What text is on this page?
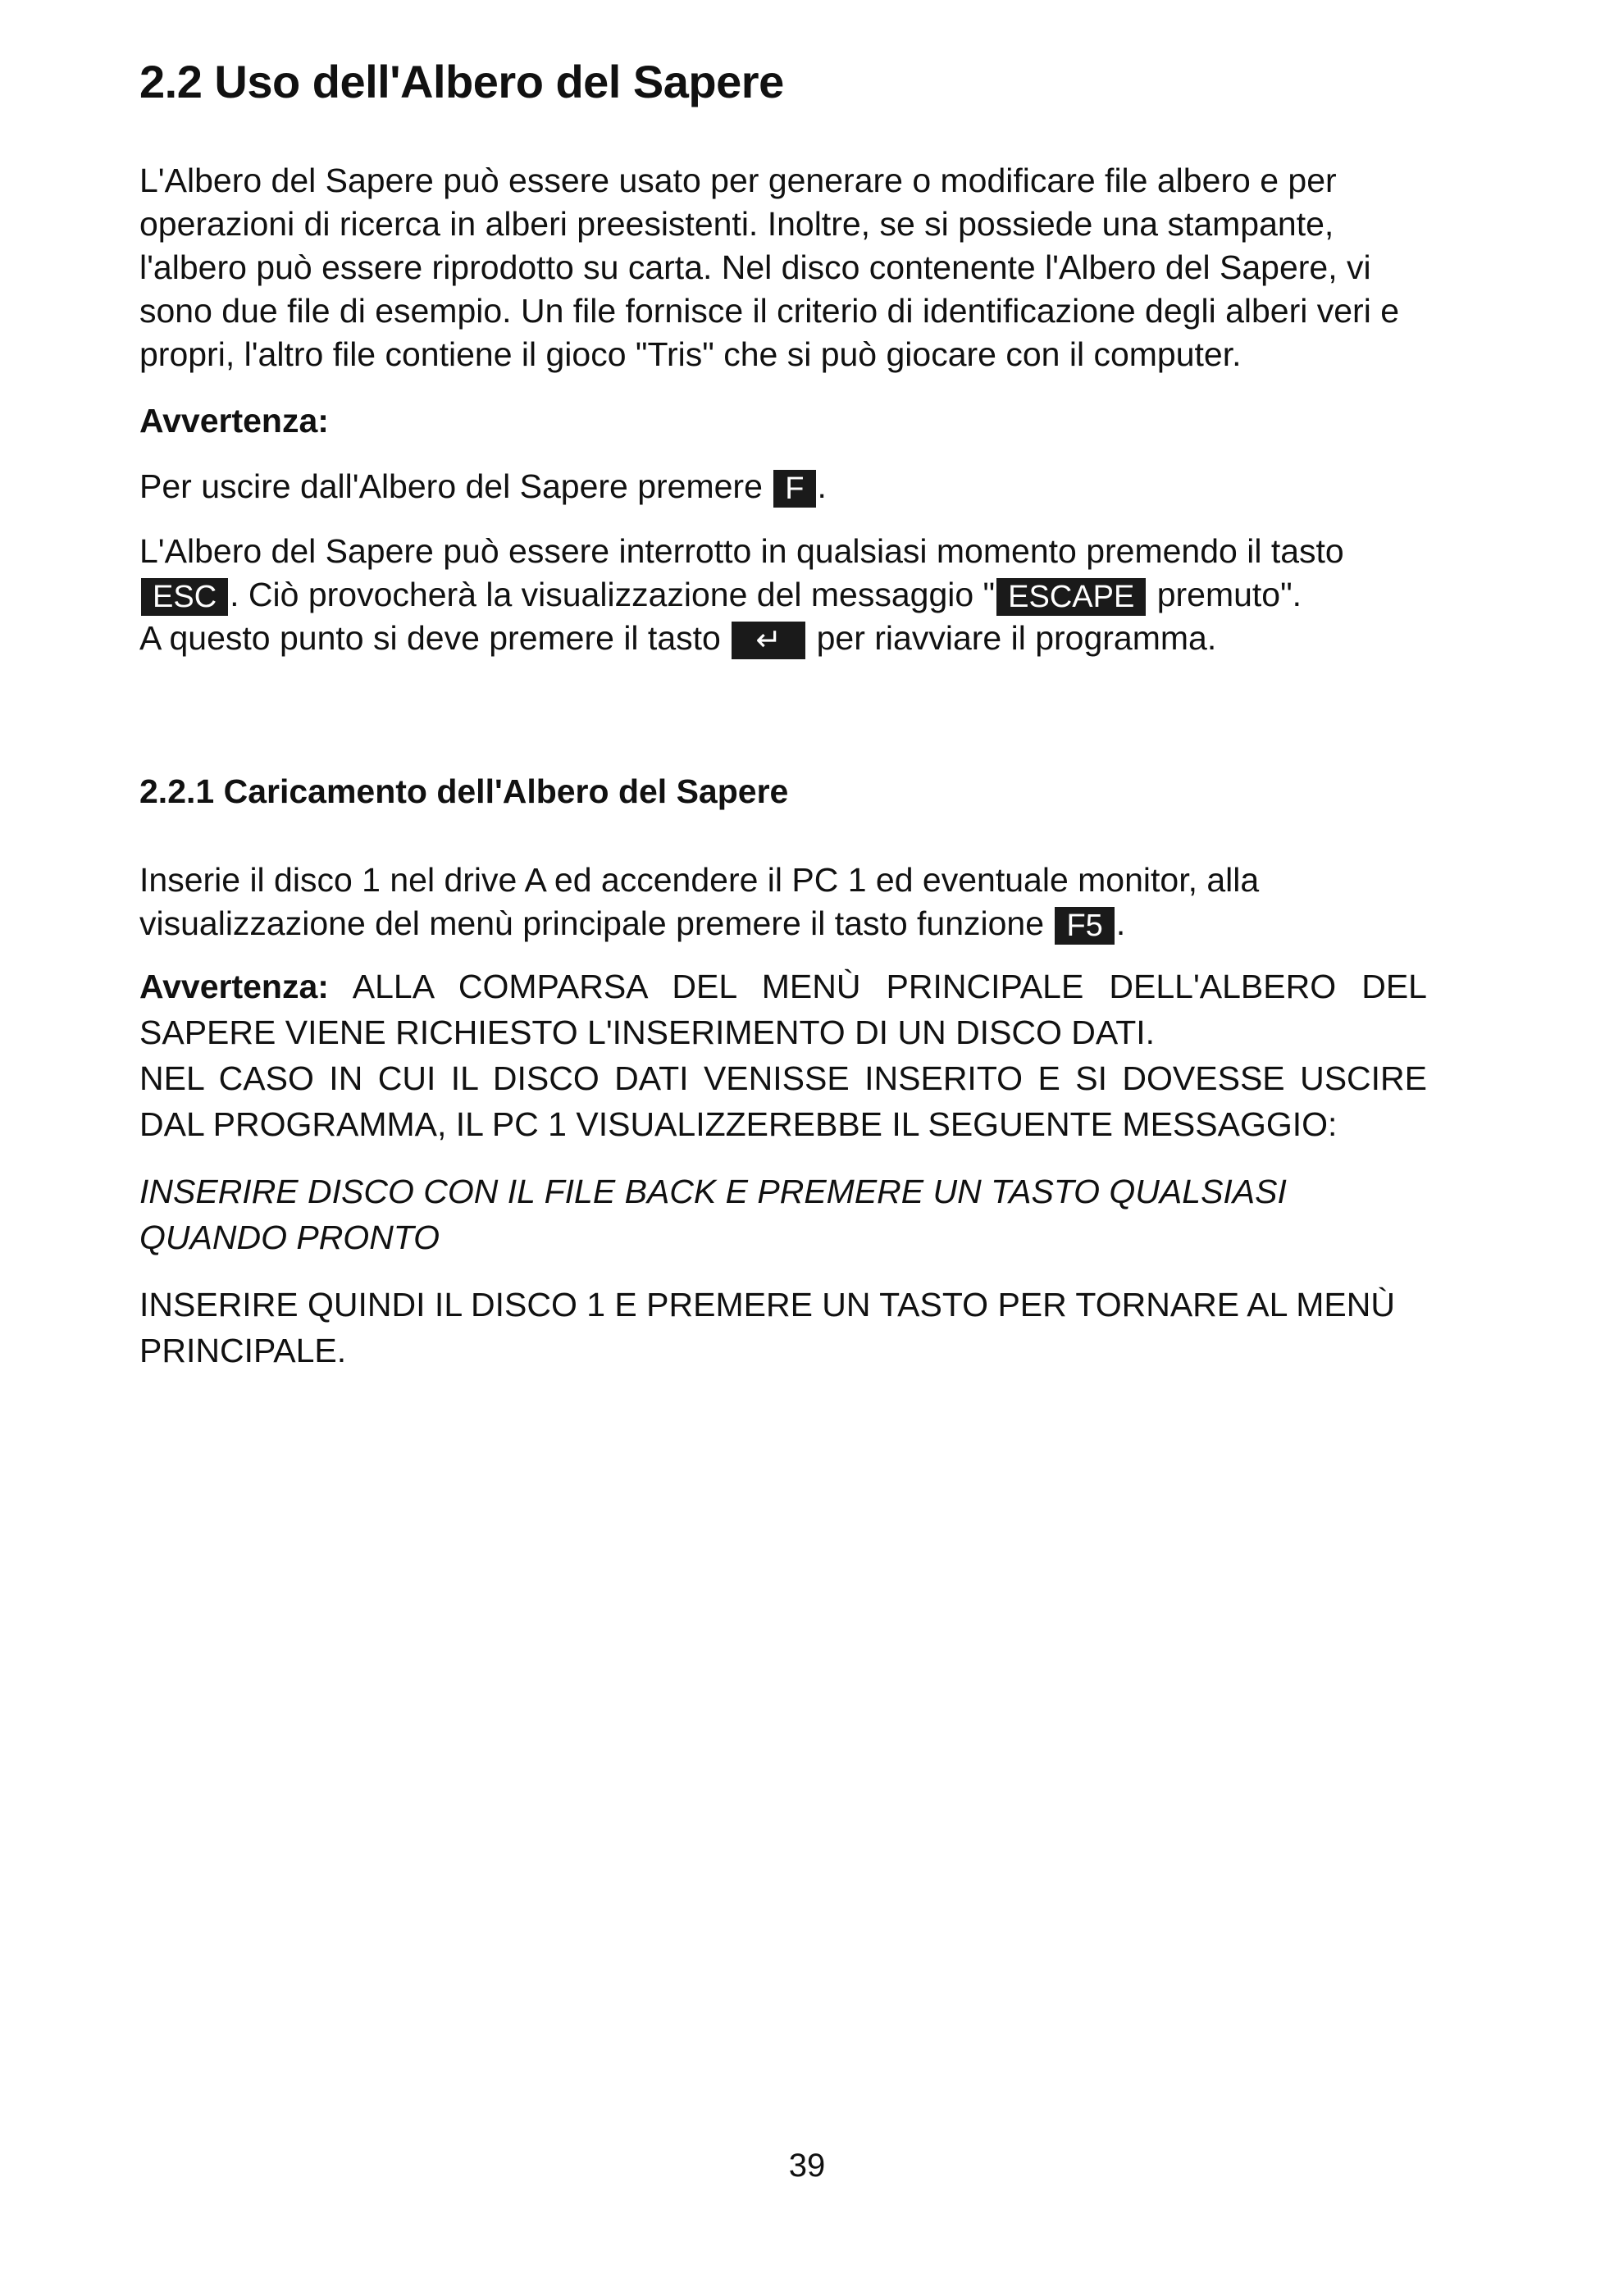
2.2 Uso dell'Albero del Sapere

L'Albero del Sapere può essere usato per generare o modificare file albero e per operazioni di ricerca in alberi preesistenti. Inoltre, se si possiede una stampante, l'albero può essere riprodotto su carta. Nel disco contenente l'Albero del Sapere, vi sono due file di esempio. Un file fornisce il criterio di identificazione degli alberi veri e propri, l'altro file contiene il gioco "Tris" che si può giocare con il computer.

Avvertenza:

Per uscire dall'Albero del Sapere premere F .

L'Albero del Sapere può essere interrotto in qualsiasi momento premendo il tasto ESC . Ciò provocherà la visualizzazione del messaggio " ESCAPE premuto".
A questo punto si deve premere il tasto ↵ per riavviare il programma.

2.2.1 Caricamento dell'Albero del Sapere

Inserie il disco 1 nel drive A ed accendere il PC 1 ed eventuale monitor, alla visualizzazione del menù principale premere il tasto funzione F5 .

Avvertenza: ALLA COMPARSA DEL MENÙ PRINCIPALE DELL'ALBERO DEL SAPERE VIENE RICHIESTO L'INSERIMENTO DI UN DISCO DATI.
NEL CASO IN CUI IL DISCO DATI VENISSE INSERITO E SI DOVESSE USCIRE DAL PROGRAMMA, IL PC 1 VISUALIZZEREBBE IL SEGUENTE MESSAGGIO:
INSERIRE DISCO CON IL FILE BACK E PREMERE UN TASTO QUALSIASI QUANDO PRONTO
INSERIRE QUINDI IL DISCO 1 E PREMERE UN TASTO PER TORNARE AL MENÙ PRINCIPALE.
39
